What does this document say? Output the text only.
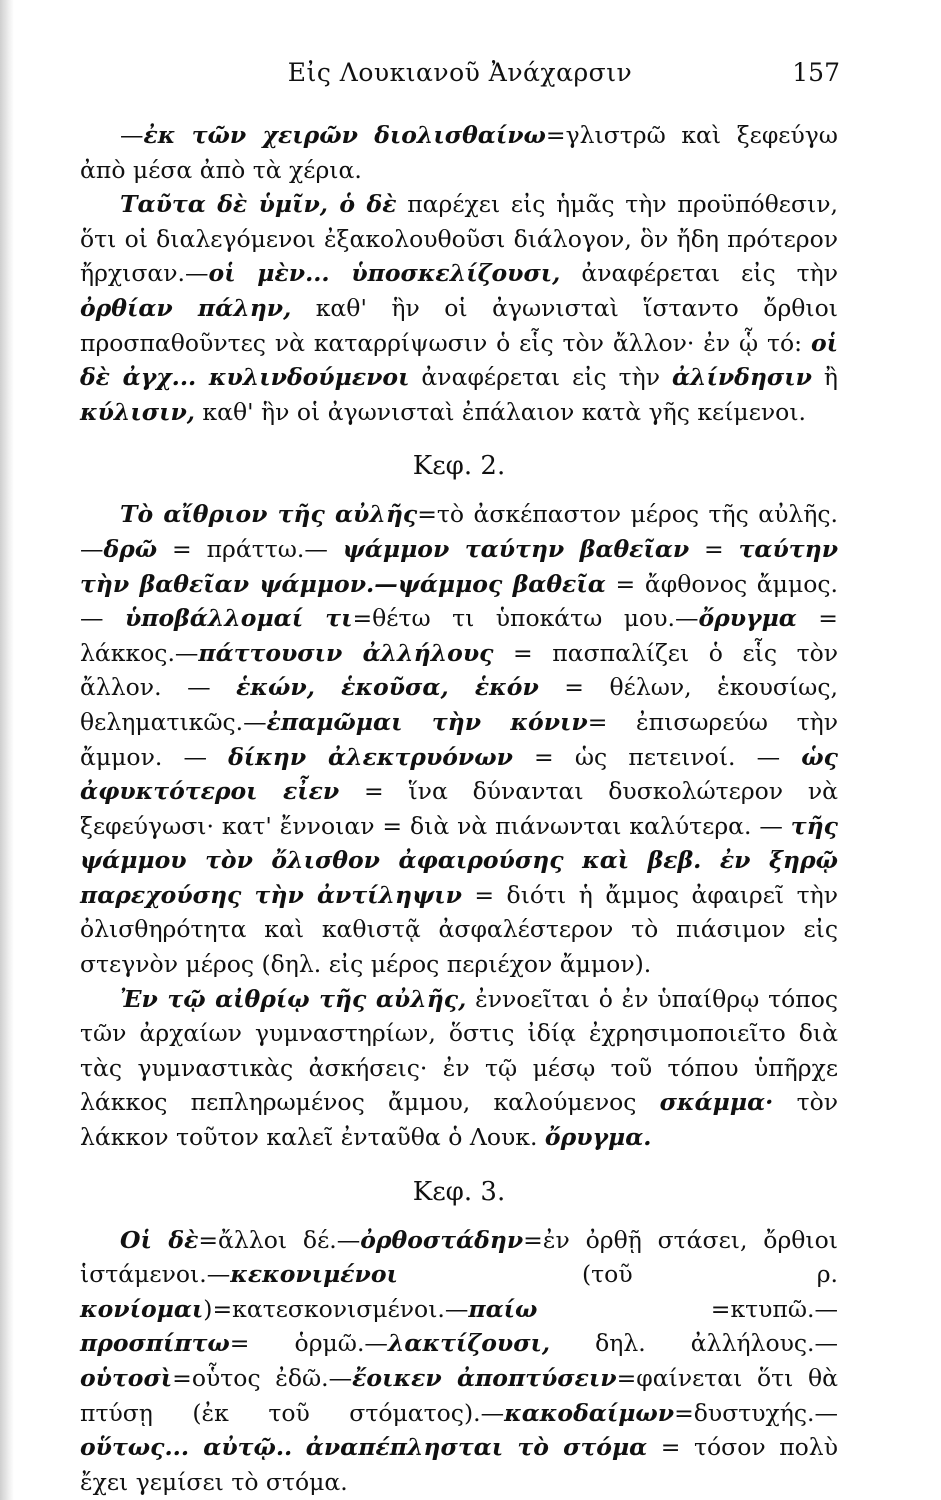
Εἰς Λουκιανοῦ Ἀνάχαρσιν	157

—ἐκ τῶν χειρῶν διολισθαίνω=γλιστρῶ καὶ ξεφεύγω ἀπὸ μέσα ἀπὸ τὰ χέρια.

Ταῦτα δὲ ὑμῖν, ὁ δὲ παρέχει εἰς ἡμᾶς τὴν προϋπόθεσιν, ὅτι οἱ διαλεγόμενοι ἐξακολουθοῦσι διάλογον, ὃν ἤδη πρότερον ἤρχισαν.—οἱ μὲν... ὑποσκελίζουσι, ἀναφέρεται εἰς τὴν ὀρθίαν πάλην, καθ' ἣν οἱ ἀγωνισταὶ ἵσταντο ὄρθιοι προσπαθοῦντες νὰ καταρρίψωσιν ὁ εἷς τὸν ἄλλον· ἐν ᾧ τό: οἱ δὲ ἀγχ... κυλινδούμενοι ἀναφέρεται εἰς τὴν ἀλίνδησιν ἢ κύλισιν, καθ' ἣν οἱ ἀγωνισταὶ ἐπάλαιον κατὰ γῆς κείμενοι.

Κεφ. 2.

Τὸ αἴθριον τῆς αὐλῆς=τὸ ἀσκέπαστον μέρος τῆς αὐλῆς.—δρῶ = πράττω.— ψάμμον ταύτην βαθεῖαν = ταύτην τὴν βαθεῖαν ψάμμον.—ψάμμος βαθεῖα = ἄφθονος ἄμμος.— ὑποβάλλομαί τι=θέτω τι ὑποκάτω μου.—ὄρυγμα = λάκκος.—πάττουσιν ἀλλήλους = πασπαλίζει ὁ εἷς τὸν ἄλλον. — ἑκών, ἑκοῦσα, ἑκόν = θέλων, ἑκουσίως, θεληματικῶς.—ἐπαμῶμαι τὴν κόνιν= ἐπισωρεύω τὴν ἄμμον. — δίκην ἀλεκτρυόνων = ὡς πετεινοί. — ὡς ἀφυκτότεροι εἶεν = ἵνα δύνανται δυσκολώτερον νὰ ξεφεύγωσι· κατ' ἔννοιαν = διὰ νὰ πιάνωνται καλύτερα. — τῆς ψάμμου τὸν ὄλισθον ἀφαιρούσης καὶ βεβ. ἐν ξηρῷ παρεχούσης τὴν ἀντίληψιν = διότι ἡ ἄμμος ἀφαιρεῖ τὴν ὀλισθηρότητα καὶ καθιστᾷ ἀσφαλέστερον τὸ πιάσιμον εἰς στεγνὸν μέρος (δηλ. εἰς μέρος περιέχον ἄμμον).

Ἐν τῷ αἰθρίῳ τῆς αὐλῆς, ἐννοεῖται ὁ ἐν ὑπαίθρῳ τόπος τῶν ἀρχαίων γυμναστηρίων, ὅστις ἰδίᾳ ἐχρησιμοποιεῖτο διὰ τὰς γυμναστικὰς ἀσκήσεις· ἐν τῷ μέσῳ τοῦ τόπου ὑπῆρχε λάκκος πεπληρωμένος ἄμμου, καλούμενος σκάμμα· τὸν λάκκον τοῦτον καλεῖ ἐνταῦθα ὁ Λουκ. ὄρυγμα.

Κεφ. 3.

Οἱ δὲ=ἄλλοι δέ.—ὀρθοστάδην=ἐν ὀρθῇ στάσει, ὄρθιοι ἱστάμενοι.—κεκονιμένοι (τοῦ ρ. κονίομαι)=κατεσκονισμένοι.—παίω =κτυπῶ.—προσπίπτω= ὁρμῶ.—λακτίζουσι, δηλ. ἀλλήλους.—οὑτοσὶ=οὗτος ἐδῶ.—ἔοικεν ἀποπτύσειν=φαίνεται ὅτι θὰ πτύσῃ (ἐκ τοῦ στόματος).—κακοδαίμων=δυστυχής.—οὕτως... αὐτῷ.. ἀναπέπλησται τὸ στόμα = τόσον πολὺ ἔχει γεμίσει τὸ στόμα.
